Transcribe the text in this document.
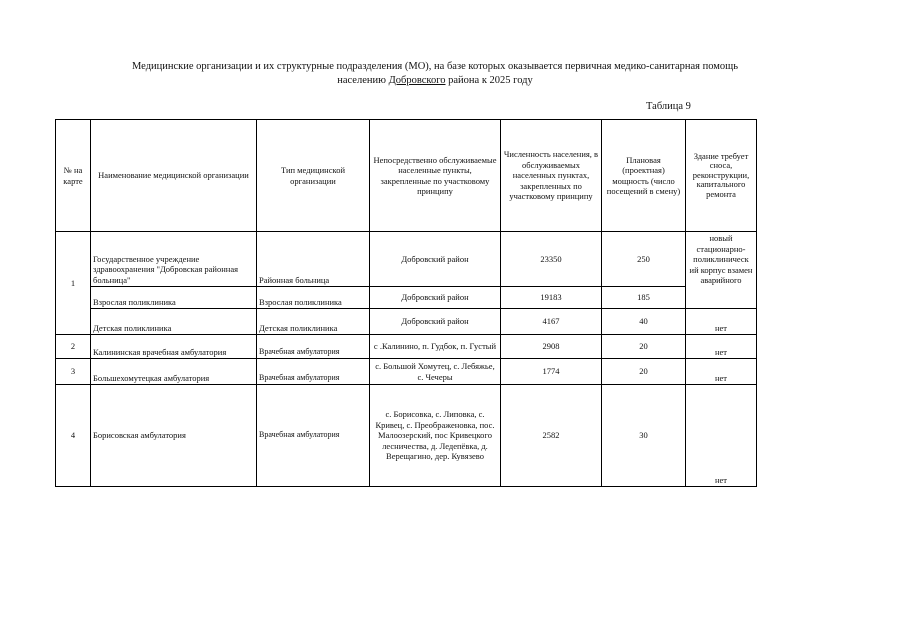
Медицинские организации и их структурные подразделения (МО), на базе которых оказывается первичная медико-санитарная помощь
населению Добровского района к 2025 году
Таблица 9
№ на карте	Наименование медицинской организации	Тип медицинской организации	Непосредственно обслуживаемые населенные пункты, закрепленные по участковому принципу	Численность населения, в обслуживаемых населенных пунктах, закрепленных по участковому принципу	Плановая (проектная) мощность (число посещений в смену)	Здание требует сноса, реконструкции, капитального ремонта
1	Государственное учреждение здравоохранения "Добровская районная больница"	Районная больница	Добровский район	23350	250	новый стационарно-поликлиническ ий корпус взамен аварийного
	Взрослая поликлиника	Взрослая поликлиника	Добровский район	19183	185	
	Детская поликлиника	Детская поликлиника	Добровский район	4167	40	нет
2	Калининская врачебная амбулатория	Врачебная амбулатория	с .Калинино, п. Гудбок, п. Густый	2908	20	нет
3	Большехомутецкая амбулатория	Врачебная амбулатория	с. Большой Хомутец, с. Лебяжье, с. Чечеры	1774	20	нет
4	Борисовская амбулатория	Врачебная амбулатория	с. Борисовка, с. Липовка, с. Кривец, с. Преображеновка, пос. Малоозерский, пос Кривецкого лесничества, д. Ледепёвка, д. Верещагино, дер. Кувязево	2582	30	нет
